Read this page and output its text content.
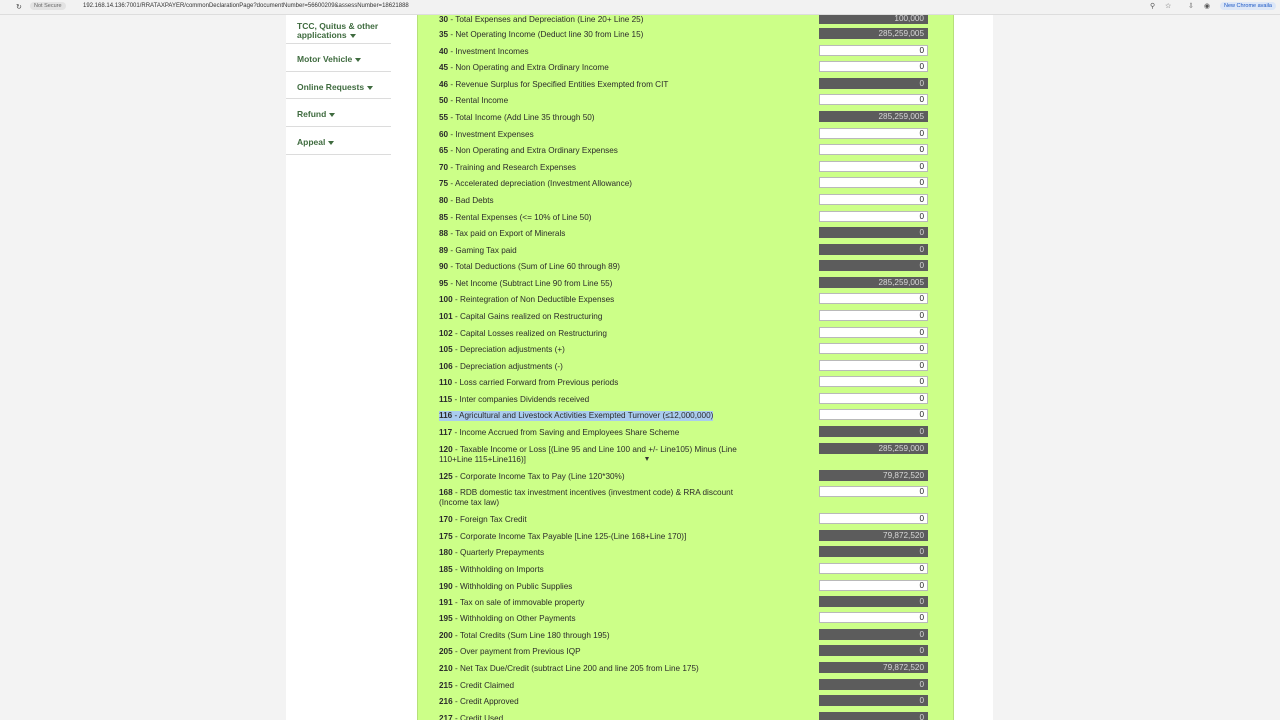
↻	Not Secure	192.168.14.136:7001/RRATAXPAYER/commonDeclarationPage?documentNumber=56600209&assessNumber=18621888	⚲ ☆ ⇩ ◉	New Chrome availa
TCC, Quitus & other applications
Motor Vehicle
Online Requests
Refund
Appeal
30 - Total Expenses and Depreciation (Line 20+ Line 25)	100,000
35 - Net Operating Income (Deduct line 30 from Line 15)	285,259,005
40 - Investment Incomes	0
45 - Non Operating and Extra Ordinary Income	0
46 - Revenue Surplus for Specified Entities Exempted from CIT	0
50 - Rental Income	0
55 - Total Income (Add Line 35 through 50)	285,259,005
60 - Investment Expenses	0
65 - Non Operating and Extra Ordinary Expenses	0
70 - Training and Research Expenses	0
75 - Accelerated depreciation (Investment Allowance)	0
80 - Bad Debts	0
85 - Rental Expenses (<= 10% of Line 50)	0
88 - Tax paid on Export of Minerals	0
89 - Gaming Tax paid	0
90 - Total Deductions (Sum of Line 60 through 89)	0
95 - Net Income (Subtract Line 90 from Line 55)	285,259,005
100 - Reintegration of Non Deductible Expenses	0
101 - Capital Gains realized on Restructuring	0
102 - Capital Losses realized on Restructuring	0
105 - Depreciation adjustments (+)	0
106 - Depreciation adjustments (-)	0
110 - Loss carried Forward from Previous periods	0
115 - Inter companies Dividends received	0
116 - Agricultural and Livestock Activities Exempted Turnover (≤12,000,000)	0
117 - Income Accrued from Saving and Employees Share Scheme	0
120 - Taxable Income or Loss [(Line 95 and Line 100 and +/- Line105) Minus (Line 110+Line 115+Line116)]
285,259,000
125 - Corporate Income Tax to Pay (Line 120*30%)	79,872,520
168 - RDB domestic tax investment incentives (investment code) & RRA discount (Income tax law)
0
170 - Foreign Tax Credit	0
175 - Corporate Income Tax Payable [Line 125-(Line 168+Line 170)]	79,872,520
180 - Quarterly Prepayments	0
185 - Withholding on Imports	0
190 - Withholding on Public Supplies	0
191 - Tax on sale of immovable property	0
195 - Withholding on Other Payments	0
200 - Total Credits (Sum Line 180 through 195)	0
205 - Over payment from Previous IQP	0
210 - Net Tax Due/Credit (subtract Line 200 and line 205 from Line 175)	79,872,520
215 - Credit Claimed	0
216 - Credit Approved	0
217 - Credit Used	0
